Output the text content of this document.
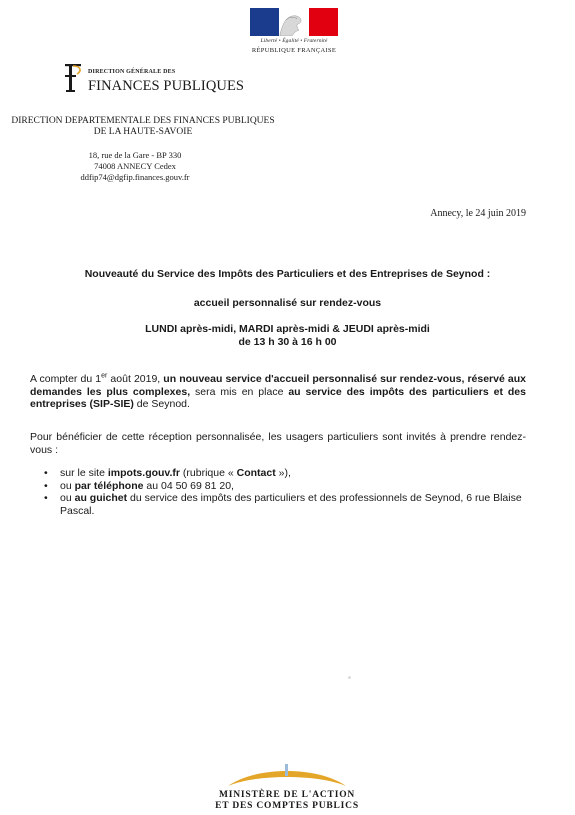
Liberté • Égalité • Fraternité
RÉPUBLIQUE FRANÇAISE
DIRECTION GÉNÉRALE DES
FINANCES PUBLIQUES
DIRECTION DEPARTEMENTALE DES FINANCES PUBLIQUES
DE LA HAUTE-SAVOIE
18, rue de la Gare - BP 330
74008 ANNECY Cedex
ddfip74@dgfip.finances.gouv.fr
Annecy, le 24 juin 2019
Nouveauté du Service des Impôts des Particuliers et des Entreprises de Seynod :
accueil personnalisé sur rendez-vous
LUNDI après-midi, MARDI après-midi & JEUDI après-midi
de 13 h 30 à 16 h 00
A compter du 1er août 2019, un nouveau service d'accueil personnalisé sur rendez-vous, réservé aux demandes les plus complexes, sera mis en place au service des impôts des particuliers et des entreprises (SIP-SIE) de Seynod.
Pour bénéficier de cette réception personnalisée, les usagers particuliers sont invités à prendre rendez-vous :
• sur le site impots.gouv.fr (rubrique « Contact »),
• ou par téléphone au 04 50 69 81 20,
• ou au guichet du service des impôts des particuliers et des professionnels de Seynod, 6 rue Blaise Pascal.
MINISTÈRE DE L'ACTION
ET DES COMPTES PUBLICS
